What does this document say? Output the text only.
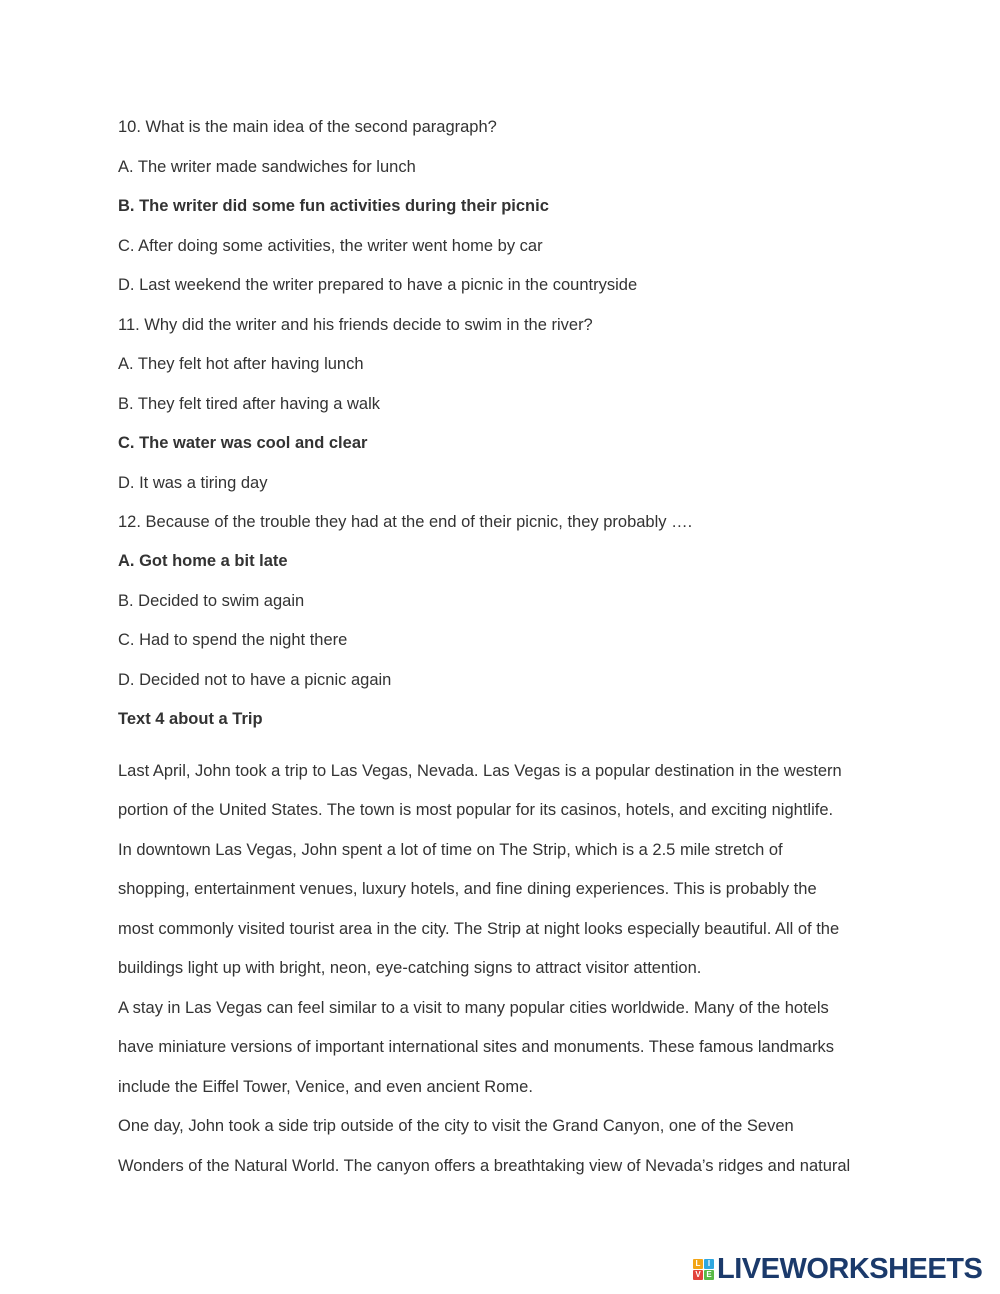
10. What is the main idea of the second paragraph?

A. The writer made sandwiches for lunch

B. The writer did some fun activities during their picnic

C. After doing some activities, the writer went home by car

D. Last weekend the writer prepared to have a picnic in the countryside

11. Why did the writer and his friends decide to swim in the river?

A. They felt hot after having lunch

B. They felt tired after having a walk

C. The water was cool and clear

D. It was a tiring day

12. Because of the trouble they had at the end of their picnic, they probably ….

A. Got home a bit late

B. Decided to swim again

C. Had to spend the night there

D. Decided not to have a picnic again

Text 4 about a Trip

Last April, John took a trip to Las Vegas, Nevada. Las Vegas is a popular destination in the western

portion of the United States. The town is most popular for its casinos, hotels, and exciting nightlife.

In downtown Las Vegas, John spent a lot of time on The Strip, which is a 2.5 mile stretch of

shopping, entertainment venues, luxury hotels, and fine dining experiences. This is probably the

most commonly visited tourist area in the city. The Strip at night looks especially beautiful. All of the

buildings light up with bright, neon, eye-catching signs to attract visitor attention.

A stay in Las Vegas can feel similar to a visit to many popular cities worldwide. Many of the hotels

have miniature versions of important international sites and monuments. These famous landmarks

include the Eiffel Tower, Venice, and even ancient Rome.

One day, John took a side trip outside of the city to visit the Grand Canyon, one of the Seven

Wonders of the Natural World. The canyon offers a breathtaking view of Nevada’s ridges and natural

L I
V E LIVEWORKSHEETS
